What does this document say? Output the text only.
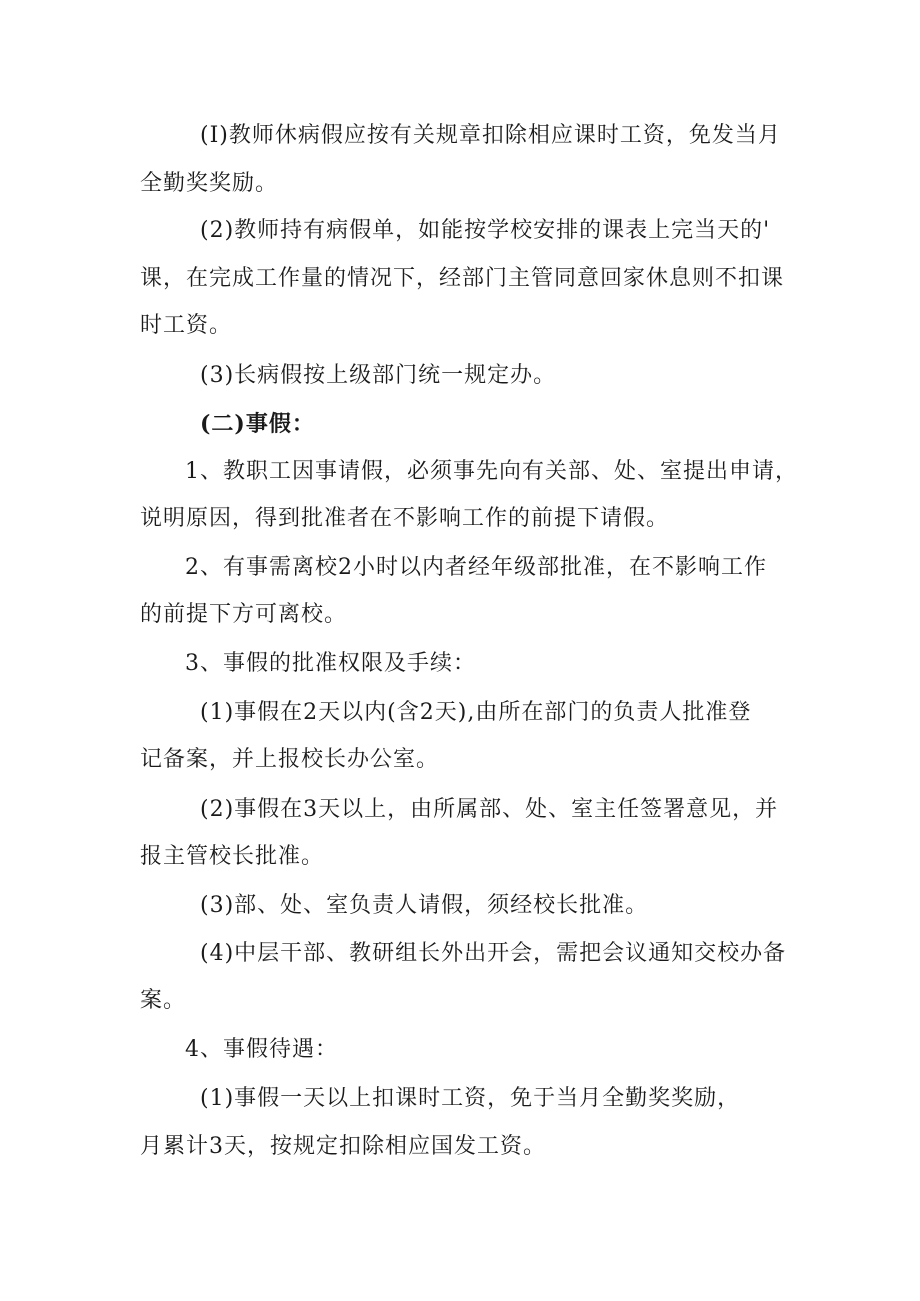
(I)教师休病假应按有关规章扣除相应课时工资，免发当月
全勤奖奖励。
(2)教师持有病假单，如能按学校安排的课表上完当天的'
课，在完成工作量的情况下，经部门主管同意回家休息则不扣课
时工资。
(3)长病假按上级部门统一规定办。
(二)事假：
1、教职工因事请假，必须事先向有关部、处、室提出申请，
说明原因，得到批准者在不影响工作的前提下请假。
2、有事需离校2小时以内者经年级部批准，在不影响工作
的前提下方可离校。
3、事假的批准权限及手续：
(1)事假在2天以内(含2天),由所在部门的负责人批准登
记备案，并上报校长办公室。
(2)事假在3天以上，由所属部、处、室主任签署意见，并
报主管校长批准。
(3)部、处、室负责人请假，须经校长批准。
(4)中层干部、教研组长外出开会，需把会议通知交校办备
案。
4、事假待遇：
(1)事假一天以上扣课时工资，免于当月全勤奖奖励，
月累计3天，按规定扣除相应国发工资。
